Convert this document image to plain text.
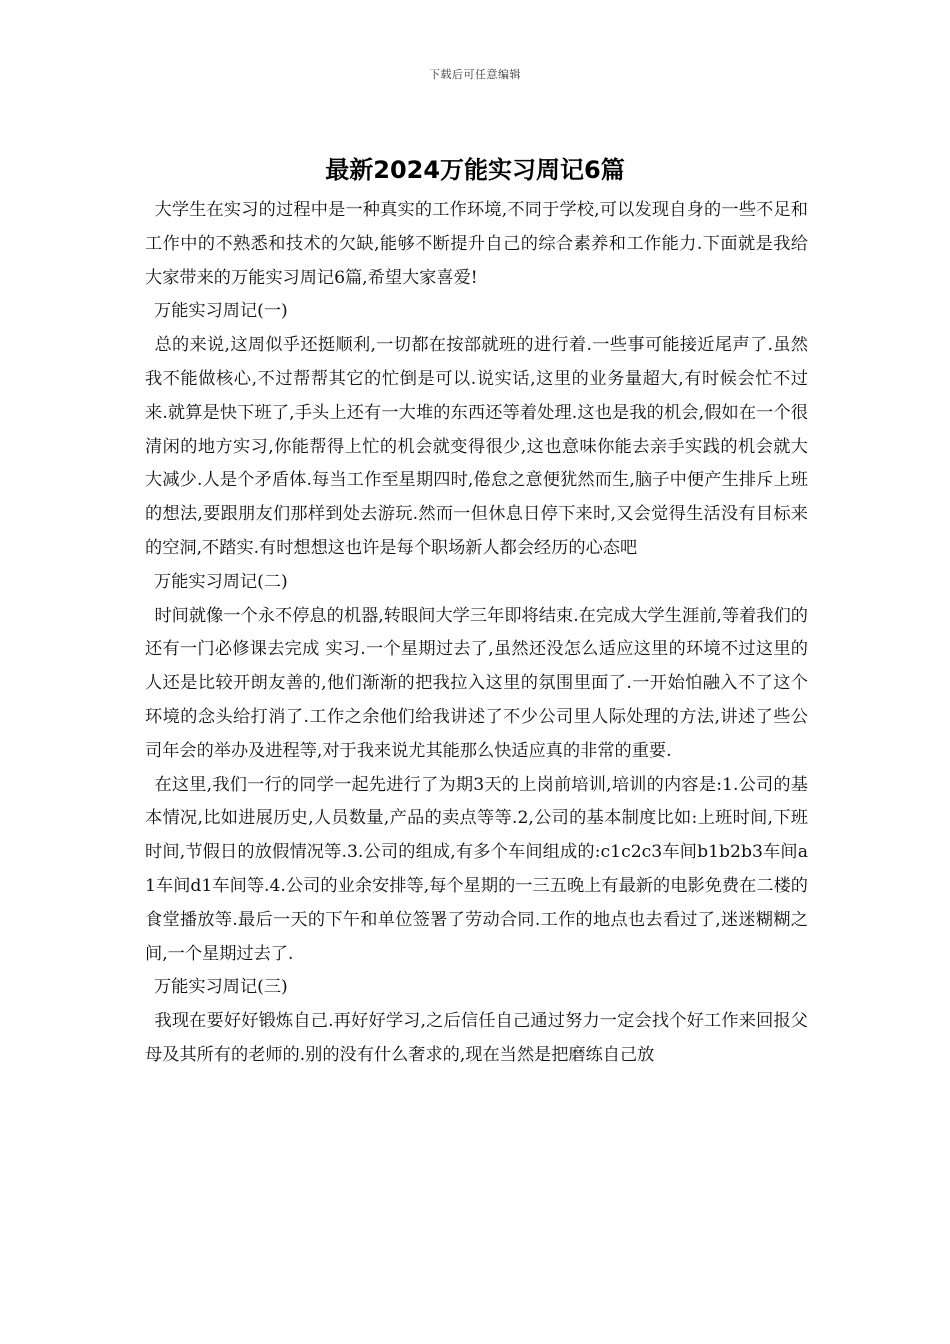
下载后可任意编辑
最新2024万能实习周记6篇

大学生在实习的过程中是一种真实的工作环境,不同于学校,可以发现自身的一些不足和工作中的不熟悉和技术的欠缺,能够不断提升自己的综合素养和工作能力.下面就是我给大家带来的万能实习周记6篇,希望大家喜爱!

万能实习周记(一)

总的来说,这周似乎还挺顺利,一切都在按部就班的进行着.一些事可能接近尾声了.虽然我不能做核心,不过帮帮其它的忙倒是可以.说实话,这里的业务量超大,有时候会忙不过来.就算是快下班了,手头上还有一大堆的东西还等着处理.这也是我的机会,假如在一个很清闲的地方实习,你能帮得上忙的机会就变得很少,这也意味你能去亲手实践的机会就大大减少.人是个矛盾体.每当工作至星期四时,倦怠之意便犹然而生,脑子中便产生排斥上班的想法,要跟朋友们那样到处去游玩.然而一但休息日停下来时,又会觉得生活没有目标来的空洞,不踏实.有时想想这也许是每个职场新人都会经历的心态吧

万能实习周记(二)

时间就像一个永不停息的机器,转眼间大学三年即将结束.在完成大学生涯前,等着我们的还有一门必修课去完成 实习.一个星期过去了,虽然还没怎么适应这里的环境不过这里的人还是比较开朗友善的,他们渐渐的把我拉入这里的氛围里面了.一开始怕融入不了这个环境的念头给打消了.工作之余他们给我讲述了不少公司里人际处理的方法,讲述了些公司年会的举办及进程等,对于我来说尤其能那么快适应真的非常的重要.

在这里,我们一行的同学一起先进行了为期3天的上岗前培训,培训的内容是:1.公司的基本情况,比如进展历史,人员数量,产品的卖点等等.2,公司的基本制度比如:上班时间,下班时间,节假日的放假情况等.3.公司的组成,有多个车间组成的:c1c2c3车间b1b2b3车间a1车间d1车间等.4.公司的业余安排等,每个星期的一三五晚上有最新的电影免费在二楼的食堂播放等.最后一天的下午和单位签署了劳动合同.工作的地点也去看过了,迷迷糊糊之间,一个星期过去了.

万能实习周记(三)

我现在要好好锻炼自己.再好好学习,之后信任自己通过努力一定会找个好工作来回报父母及其所有的老师的.别的没有什么奢求的,现在当然是把磨练自己放
